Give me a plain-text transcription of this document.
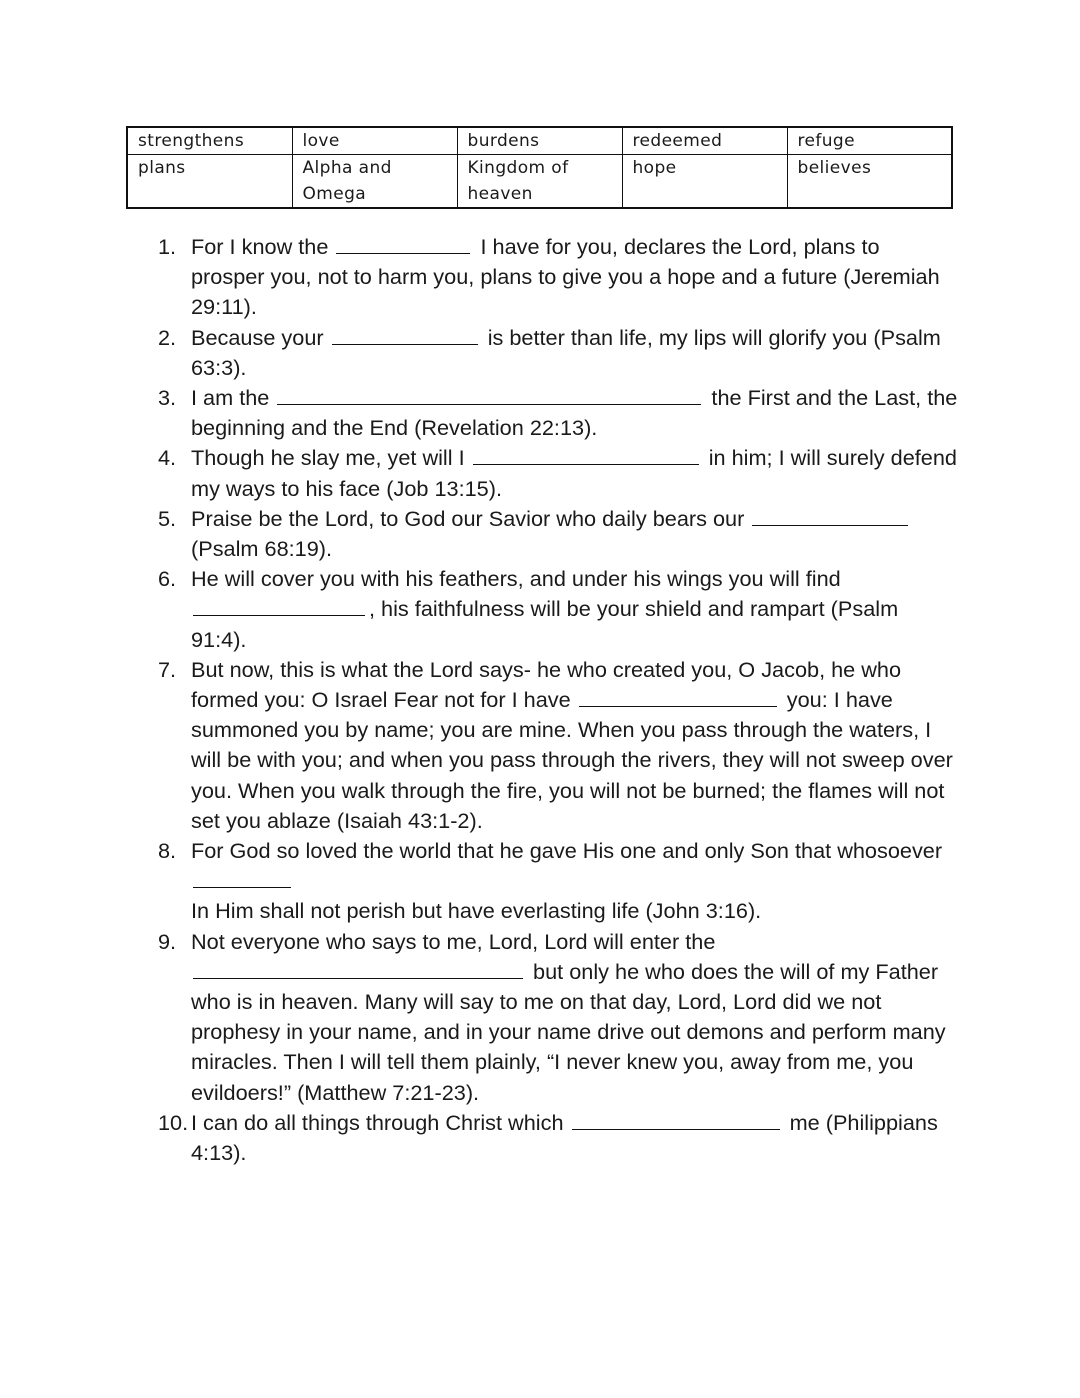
strengthens	love	burdens	redeemed	refuge
plans	Alpha and Omega	Kingdom of heaven	hope	believes
1. For I know the	I have for you, declares the Lord, plans to prosper you, not to harm you, plans to give you a hope and a future (Jeremiah 29:11).
2. Because your	is better than life, my lips will glorify you (Psalm 63:3).
3. I am the	the First and the Last, the beginning and the End (Revelation 22:13).
4. Though he slay me, yet will I	in him; I will surely defend my ways to his face (Job 13:15).
5. Praise be the Lord, to God our Savior who daily bears our  (Psalm 68:19).
6. He will cover you with his feathers, and under his wings you will find , his faithfulness will be your shield and rampart (Psalm 91:4).
7. But now, this is what the Lord says- he who created you, O Jacob, he who formed you: O Israel Fear not for I have	you: I have summoned you by name; you are mine. When you pass through the waters, I will be with you; and when you pass through the rivers, they will not sweep over you. When you walk through the fire, you will not be burned; the flames will not set you ablaze (Isaiah 43:1-2).
8. For God so loved the world that he gave His one and only Son that whosoever
In Him shall not perish but have everlasting life (John 3:16).
9. Not everyone who says to me, Lord, Lord will enter the  but only he who does the will of my Father who is in heaven. Many will say to me on that day, Lord, Lord did we not prophesy in your name, and in your name drive out demons and perform many miracles. Then I will tell them plainly, “I never knew you, away from me, you evildoers!” (Matthew 7:21-23).
10. I can do all things through Christ which	me (Philippians 4:13).
